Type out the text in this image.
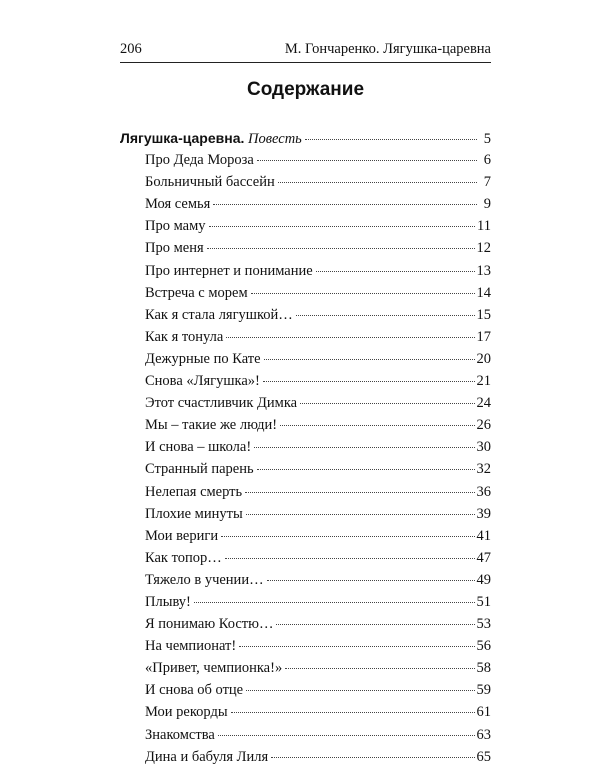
206	М. Гончаренко. Лягушка-царевна
Содержание
Лягушка-царевна. Повесть	5
Про Деда Мороза	6
Больничный бассейн	7
Моя семья	9
Про маму	11
Про меня	12
Про интернет и понимание	13
Встреча с морем	14
Как я стала лягушкой…	15
Как я тонула	17
Дежурные по Кате	20
Снова «Лягушка»!	21
Этот счастливчик Димка	24
Мы – такие же люди!	26
И снова – школа!	30
Странный парень	32
Нелепая смерть	36
Плохие минуты	39
Мои вериги	41
Как топор…	47
Тяжело в учении…	49
Плыву!	51
Я понимаю Костю…	53
На чемпионат!	56
«Привет, чемпионка!»	58
И снова об отце	59
Мои рекорды	61
Знакомства	63
Дина и бабуля Лиля	65
